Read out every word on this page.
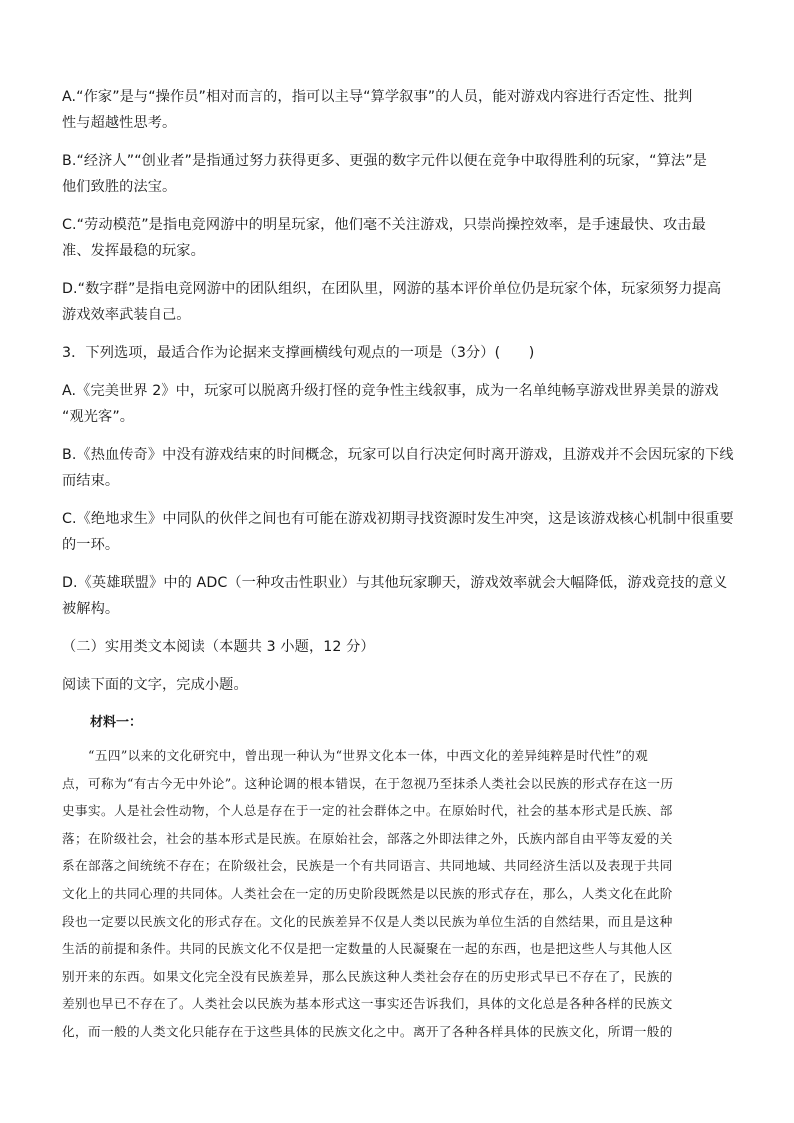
A.“作家”是与“操作员”相对而言的，指可以主导“算学叙事”的人员，能对游戏内容进行否定性、批判
性与超越性思考。

B.“经济人”“创业者”是指通过努力获得更多、更强的数字元件以便在竞争中取得胜利的玩家，“算法”是
他们致胜的法宝。

C.“劳动模范”是指电竞网游中的明星玩家，他们毫不关注游戏，只崇尚操控效率，是手速最快、攻击最
准、发挥最稳的玩家。

D.“数字群”是指电竞网游中的团队组织，在团队里，网游的基本评价单位仍是玩家个体，玩家须努力提高
游戏效率武装自己。

3．下列选项，最适合作为论据来支撑画横线句观点的一项是（3分）(　　)

A.《完美世界 2》中，玩家可以脱离升级打怪的竞争性主线叙事，成为一名单纯畅享游戏世界美景的游戏
“观光客”。

B.《热血传奇》中没有游戏结束的时间概念，玩家可以自行决定何时离开游戏，且游戏并不会因玩家的下线
而结束。

C.《绝地求生》中同队的伙伴之间也有可能在游戏初期寻找资源时发生冲突，这是该游戏核心机制中很重要
的一环。

D.《英雄联盟》中的 ADC（一种攻击性职业）与其他玩家聊天，游戏效率就会大幅降低，游戏竞技的意义
被解构。

（二）实用类文本阅读（本题共 3 小题，12 分）

阅读下面的文字，完成小题。

材料一：
“五四”以来的文化研究中，曾出现一种认为“世界文化本一体，中西文化的差异纯粹是时代性”的观
点，可称为“有古今无中外论”。这种论调的根本错误，在于忽视乃至抹杀人类社会以民族的形式存在这一历
史事实。人是社会性动物，个人总是存在于一定的社会群体之中。在原始时代，社会的基本形式是氏族、部
落；在阶级社会，社会的基本形式是民族。在原始社会，部落之外即法律之外，氏族内部自由平等友爱的关
系在部落之间统统不存在；在阶级社会，民族是一个有共同语言、共同地域、共同经济生活以及表现于共同
文化上的共同心理的共同体。人类社会在一定的历史阶段既然是以民族的形式存在，那么，人类文化在此阶
段也一定要以民族文化的形式存在。文化的民族差异不仅是人类以民族为单位生活的自然结果，而且是这种
生活的前提和条件。共同的民族文化不仅是把一定数量的人民凝聚在一起的东西，也是把这些人与其他人区
别开来的东西。如果文化完全没有民族差异，那么民族这种人类社会存在的历史形式早已不存在了，民族的
差别也早已不存在了。人类社会以民族为基本形式这一事实还告诉我们，具体的文化总是各种各样的民族文
化，而一般的人类文化只能存在于这些具体的民族文化之中。离开了各种各样具体的民族文化，所谓一般的
